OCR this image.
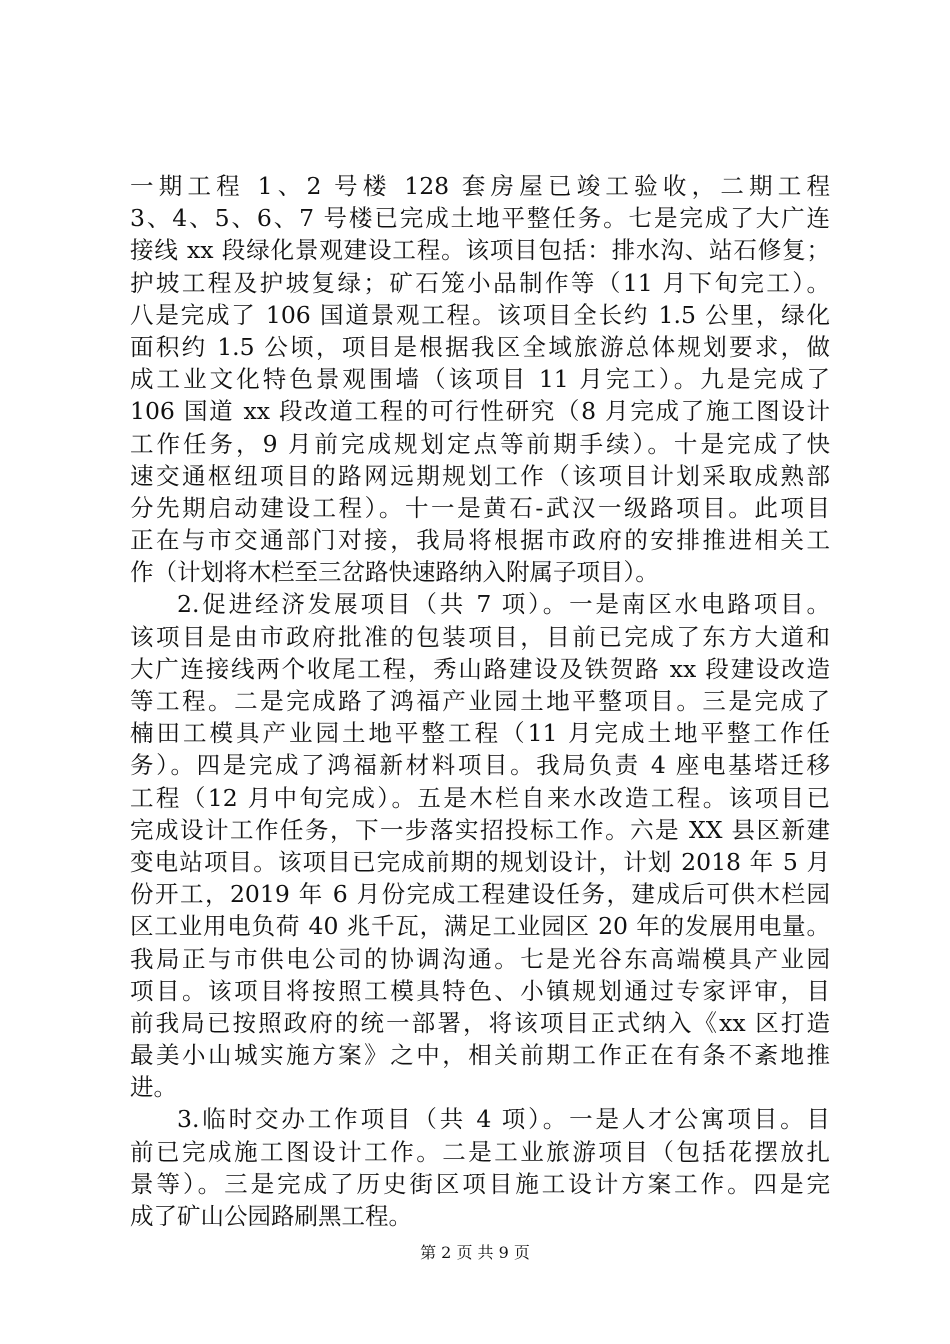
一期工程 1、2 号楼 128 套房屋已竣工验收，二期工程
3、4、5、6、7 号楼已完成土地平整任务。七是完成了大广连
接线 xx 段绿化景观建设工程。该项目包括：排水沟、站石修复；
护坡工程及护坡复绿；矿石笼小品制作等（11 月下旬完工）。
八是完成了 106 国道景观工程。该项目全长约 1.5 公里，绿化
面积约 1.5 公顷，项目是根据我区全域旅游总体规划要求，做
成工业文化特色景观围墙（该项目 11 月完工）。九是完成了
106 国道 xx 段改道工程的可行性研究（8 月完成了施工图设计
工作任务，9 月前完成规划定点等前期手续）。十是完成了快
速交通枢纽项目的路网远期规划工作（该项目计划采取成熟部
分先期启动建设工程）。十一是黄石-武汉一级路项目。此项目
正在与市交通部门对接，我局将根据市政府的安排推进相关工
作（计划将木栏至三岔路快速路纳入附属子项目）。
2.促进经济发展项目（共 7 项）。一是南区水电路项目。
该项目是由市政府批准的包装项目，目前已完成了东方大道和
大广连接线两个收尾工程，秀山路建设及铁贺路 xx 段建设改造
等工程。二是完成路了鸿福产业园土地平整项目。三是完成了
楠田工模具产业园土地平整工程（11 月完成土地平整工作任
务）。四是完成了鸿福新材料项目。我局负责 4 座电基塔迁移
工程（12 月中旬完成）。五是木栏自来水改造工程。该项目已
完成设计工作任务，下一步落实招投标工作。六是 XX 县区新建
变电站项目。该项目已完成前期的规划设计，计划 2018 年 5 月
份开工，2019 年 6 月份完成工程建设任务，建成后可供木栏园
区工业用电负荷 40 兆千瓦，满足工业园区 20 年的发展用电量。
我局正与市供电公司的协调沟通。七是光谷东高端模具产业园
项目。该项目将按照工模具特色、小镇规划通过专家评审，目
前我局已按照政府的统一部署，将该项目正式纳入《xx 区打造
最美小山城实施方案》之中，相关前期工作正在有条不紊地推
进。
3.临时交办工作项目（共 4 项）。一是人才公寓项目。目
前已完成施工图设计工作。二是工业旅游项目（包括花摆放扎
景等）。三是完成了历史街区项目施工设计方案工作。四是完
成了矿山公园路刷黑工程。
第 2 页 共 9 页
